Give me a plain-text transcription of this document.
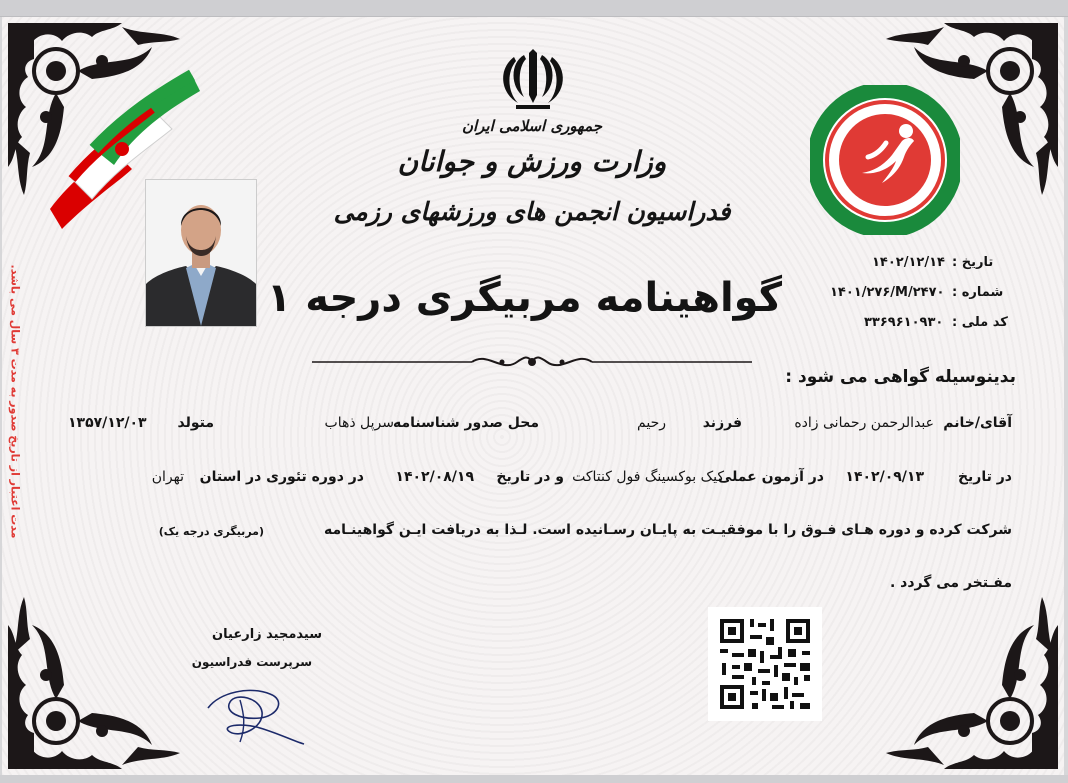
جمهوری اسلامی ایران
وزارت ورزش و جوانان
فدراسیون انجمن های ورزشهای رزمی
گواهینامه مربیگری درجه ۱
تاریخ :
۱۴۰۲/۱۲/۱۴
شماره :
۱۴۰۱/۲۷۶/M/۲۴۷۰
کد ملی :
۳۳۶۹۶۱۰۹۳۰
مدت اعتبار از تاریخ صدور به مدت ۳ سال می باشد.	بدینوسیله گواهی می شود :
آقای/خانم
عبدالرحمن رحمانی زاده
فرزند
رحیم
محل صدور شناسنامه
سرپل ذهاب
متولد
۱۳۵۷/۱۲/۰۳
در تاریخ
۱۴۰۲/۰۹/۱۳
در آزمون عملی
کیک بوکسینگ فول کنتاکت
و در تاریخ
۱۴۰۲/۰۸/۱۹
در دوره تئوری در استان
تهران
شرکت کرده و دوره هـای فـوق را با موفقیـت به پایـان رسـانیده است. لـذا به دریافت ایـن گواهینـامه
(مربیگری درجه یک)
مفـتخر می گردد .
سیدمجید زارعیان
سرپرست فدراسیون
